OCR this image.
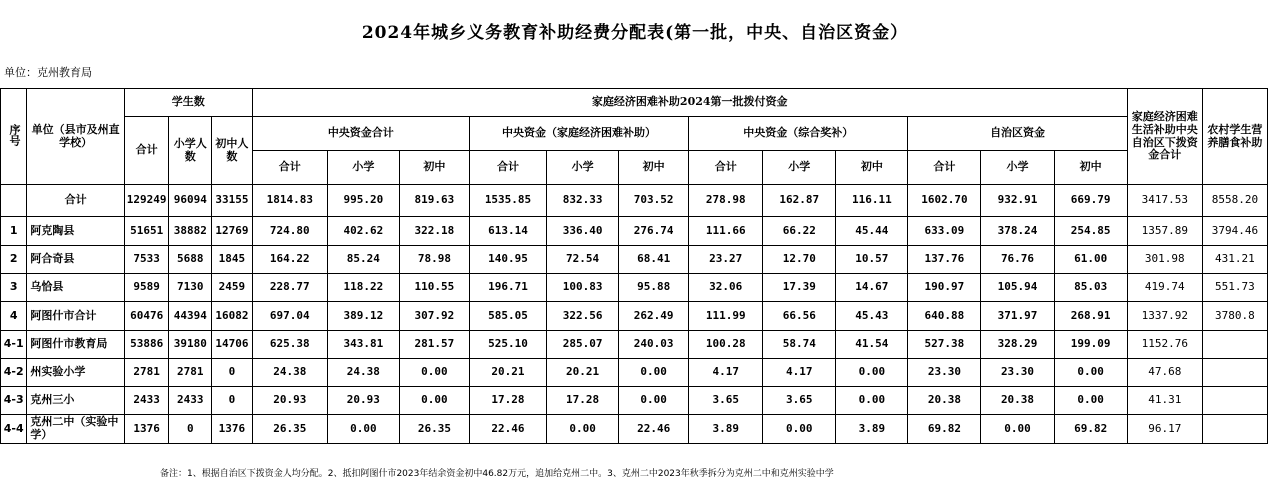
2024年城乡义务教育补助经费分配表(第一批，中央、自治区资金）
单位：克州教育局
序号	单位（县市及州直学校）	学生数			家庭经济困难补助2024第一批拨付资金												家庭经济困难生活补助中央自治区下拨资金合计	农村学生营养膳食补助
		合计	小学人数	初中人数	中央资金合计			中央资金（家庭经济困难补助）			中央资金（综合奖补）			自治区资金				
					合计	小学	初中	合计	小学	初中	合计	小学	初中	合计	小学	初中		
	合计	129249	96094	33155	1814.83	995.20	819.63	1535.85	832.33	703.52	278.98	162.87	116.11	1602.70	932.91	669.79	3417.53	8558.20
1	阿克陶县	51651	38882	12769	724.80	402.62	322.18	613.14	336.40	276.74	111.66	66.22	45.44	633.09	378.24	254.85	1357.89	3794.46
2	阿合奇县	7533	5688	1845	164.22	85.24	78.98	140.95	72.54	68.41	23.27	12.70	10.57	137.76	76.76	61.00	301.98	431.21
3	乌恰县	9589	7130	2459	228.77	118.22	110.55	196.71	100.83	95.88	32.06	17.39	14.67	190.97	105.94	85.03	419.74	551.73
4	阿图什市合计	60476	44394	16082	697.04	389.12	307.92	585.05	322.56	262.49	111.99	66.56	45.43	640.88	371.97	268.91	1337.92	3780.8
4-1	阿图什市教育局	53886	39180	14706	625.38	343.81	281.57	525.10	285.07	240.03	100.28	58.74	41.54	527.38	328.29	199.09	1152.76	
4-2	州实验小学	2781	2781	0	24.38	24.38	0.00	20.21	20.21	0.00	4.17	4.17	0.00	23.30	23.30	0.00	47.68	
4-3	克州三小	2433	2433	0	20.93	20.93	0.00	17.28	17.28	0.00	3.65	3.65	0.00	20.38	20.38	0.00	41.31	
4-4	克州二中（实验中学）	1376	0	1376	26.35	0.00	26.35	22.46	0.00	22.46	3.89	0.00	3.89	69.82	0.00	69.82	96.17	
备注：1、根据自治区下拨资金人均分配。2、抵扣阿图什市2023年结余资金初中46.82万元，追加给克州二中。3、克州二中2023年秋季拆分为克州二中和克州实验中学
